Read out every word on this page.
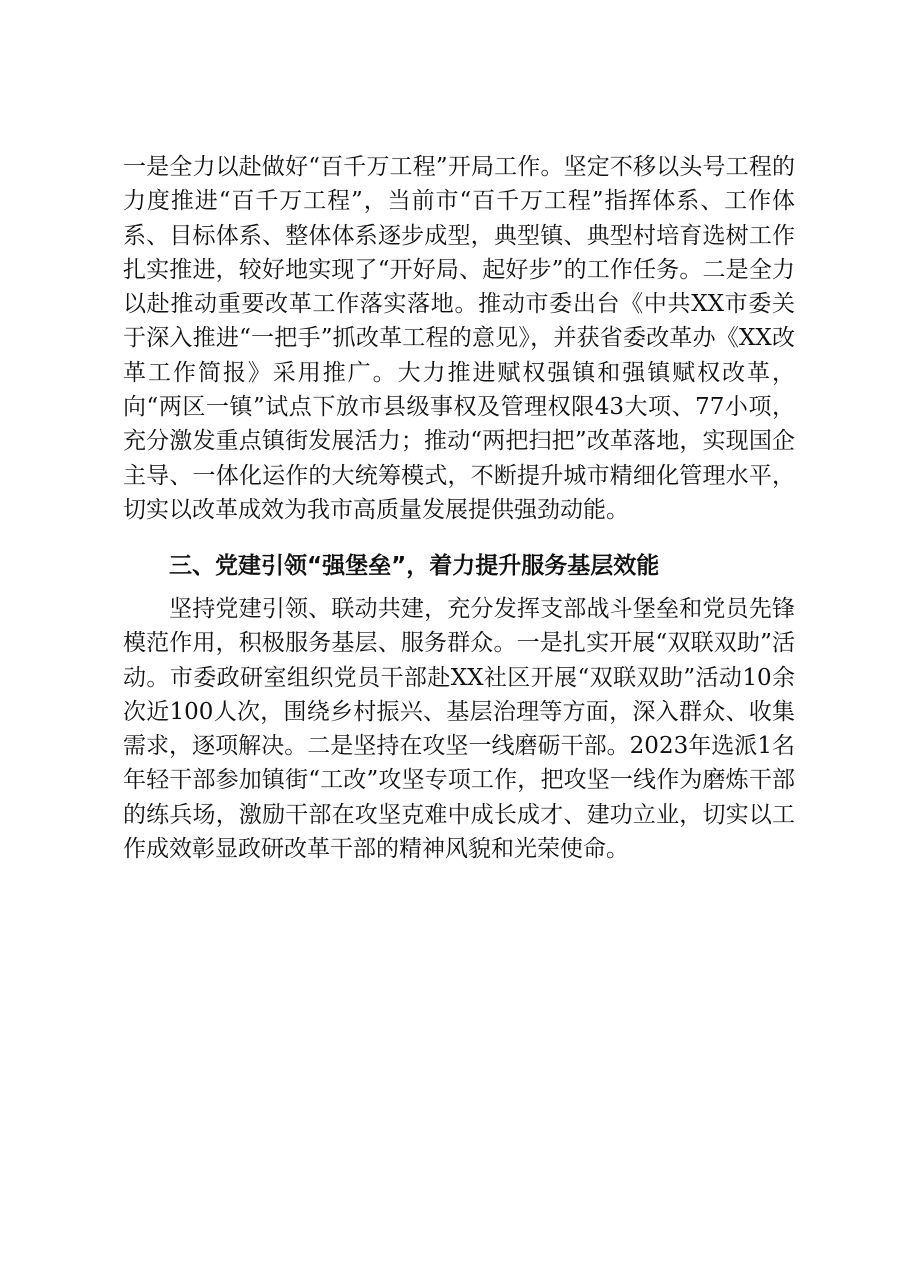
一是全力以赴做好“百千万工程”开局工作。坚定不移以头号工程的力度推进“百千万工程”，当前市“百千万工程”指挥体系、工作体系、目标体系、整体体系逐步成型，典型镇、典型村培育选树工作扎实推进，较好地实现了“开好局、起好步”的工作任务。二是全力以赴推动重要改革工作落实落地。推动市委出台《中共XX市委关于深入推进“一把手”抓改革工程的意见》，并获省委改革办《XX改革工作简报》采用推广。大力推进赋权强镇和强镇赋权改革，向“两区一镇”试点下放市县级事权及管理权限43大项、77小项，充分激发重点镇街发展活力；推动“两把扫把”改革落地，实现国企主导、一体化运作的大统筹模式，不断提升城市精细化管理水平，切实以改革成效为我市高质量发展提供强劲动能。

三、党建引领“强堡垒”，着力提升服务基层效能

坚持党建引领、联动共建，充分发挥支部战斗堡垒和党员先锋模范作用，积极服务基层、服务群众。一是扎实开展“双联双助”活动。市委政研室组织党员干部赴XX社区开展“双联双助”活动10余次近100人次，围绕乡村振兴、基层治理等方面，深入群众、收集需求，逐项解决。二是坚持在攻坚一线磨砺干部。2023年选派1名年轻干部参加镇街“工改”攻坚专项工作，把攻坚一线作为磨炼干部的练兵场，激励干部在攻坚克难中成长成才、建功立业，切实以工作成效彰显政研改革干部的精神风貌和光荣使命。
